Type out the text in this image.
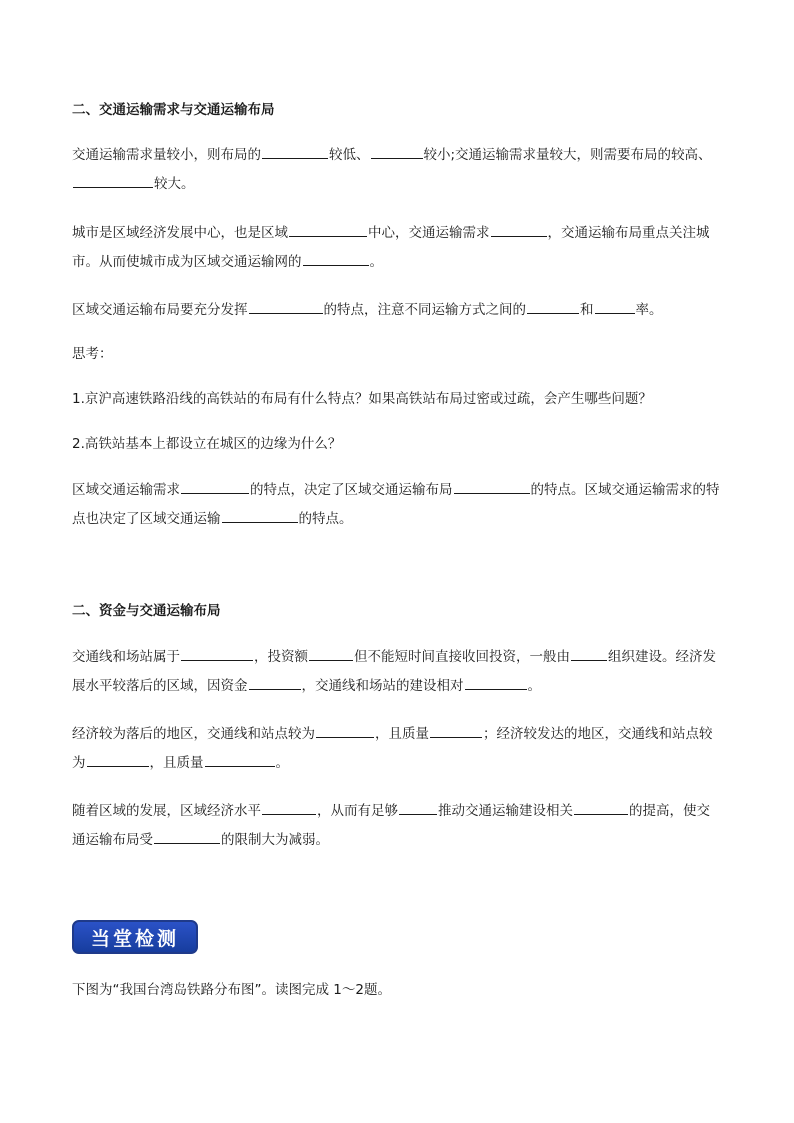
二、交通运输需求与交通运输布局

交通运输需求量较小，则布局的	较低、	较小;交通运输需求量较大，则需要布局的较高、较大。

城市是区域经济发展中心，也是区域	中心，交通运输需求	，交通运输布局重点关注城市。从而使城市成为区域交通运输网的	。

区域交通运输布局要充分发挥	的特点，注意不同运输方式之间的	和	率。

思考：

1.京沪高速铁路沿线的高铁站的布局有什么特点？如果高铁站布局过密或过疏，会产生哪些问题？

2.高铁站基本上都设立在城区的边缘为什么？

区域交通运输需求	的特点，决定了区域交通运输布局	的特点。区域交通运输需求的特点也决定了区域交通运输	的特点。

二、资金与交通运输布局

交通线和场站属于	，投资额	但不能短时间直接收回投资，一般由	组织建设。经济发展水平较落后的区域，因资金	，交通线和场站的建设相对	。

经济较为落后的地区，交通线和站点较为	，且质量	；经济较发达的地区，交通线和站点较为	，且质量	。

随着区域的发展，区域经济水平	，从而有足够	推动交通运输建设相关	的提高，使交通运输布局受	的限制大为减弱。

当堂检测

下图为“我国台湾岛铁路分布图”。读图完成 1～2题。
